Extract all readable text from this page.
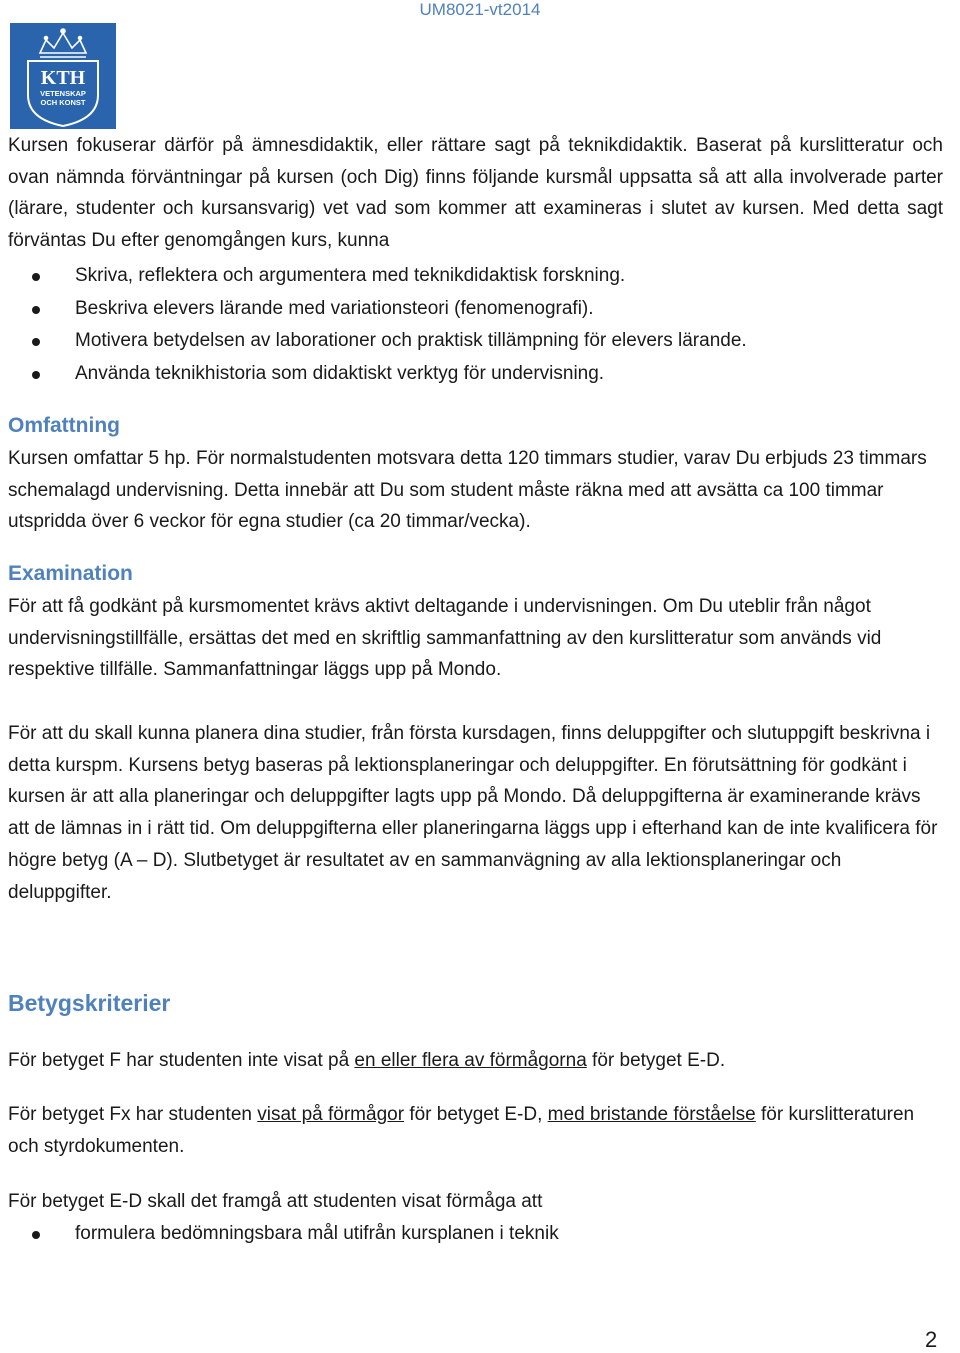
UM8021-vt2014
KTH
VETENSKAP
OCH KONST

Kursen fokuserar därför på ämnesdidaktik, eller rättare sagt på teknikdidaktik. Baserat på kurslitteratur och ovan nämnda förväntningar på kursen (och Dig) finns följande kursmål uppsatta så att alla involverade parter (lärare, studenter och kursansvarig) vet vad som kommer att examineras i slutet av kursen. Med detta sagt förväntas Du efter genomgången kurs, kunna

Skriva, reflektera och argumentera med teknikdidaktisk forskning.
Beskriva elevers lärande med variationsteori (fenomenografi).
Motivera betydelsen av laborationer och praktisk tillämpning för elevers lärande.
Använda teknikhistoria som didaktiskt verktyg för undervisning.
Omfattning

Kursen omfattar 5 hp. För normalstudenten motsvara detta 120 timmars studier, varav Du erbjuds 23 timmars schemalagd undervisning. Detta innebär att Du som student måste räkna med att avsätta ca 100 timmar utspridda över 6 veckor för egna studier (ca 20 timmar/vecka).

Examination

För att få godkänt på kursmomentet krävs aktivt deltagande i undervisningen. Om Du uteblir från något undervisningstillfälle, ersättas det med en skriftlig sammanfattning av den kurslitteratur som används vid respektive tillfälle. Sammanfattningar läggs upp på Mondo.

För att du skall kunna planera dina studier, från första kursdagen, finns deluppgifter och slutuppgift beskrivna i detta kurspm. Kursens betyg baseras på lektionsplaneringar och deluppgifter. En förutsättning för godkänt i kursen är att alla planeringar och deluppgifter lagts upp på Mondo. Då deluppgifterna är examinerande krävs att de lämnas in i rätt tid. Om deluppgifterna eller planeringarna läggs upp i efterhand kan de inte kvalificera för högre betyg (A – D). Slutbetyget är resultatet av en sammanvägning av alla lektionsplaneringar och deluppgifter.

Betygskriterier

För betyget F har studenten inte visat på en eller flera av förmågorna för betyget E-D.

För betyget Fx har studenten visat på förmågor för betyget E-D, med bristande förståelse för kurslitteraturen och styrdokumenten.

För betyget E-D skall det framgå att studenten visat förmåga att

formulera bedömningsbara mål utifrån kursplanen i teknik
2
